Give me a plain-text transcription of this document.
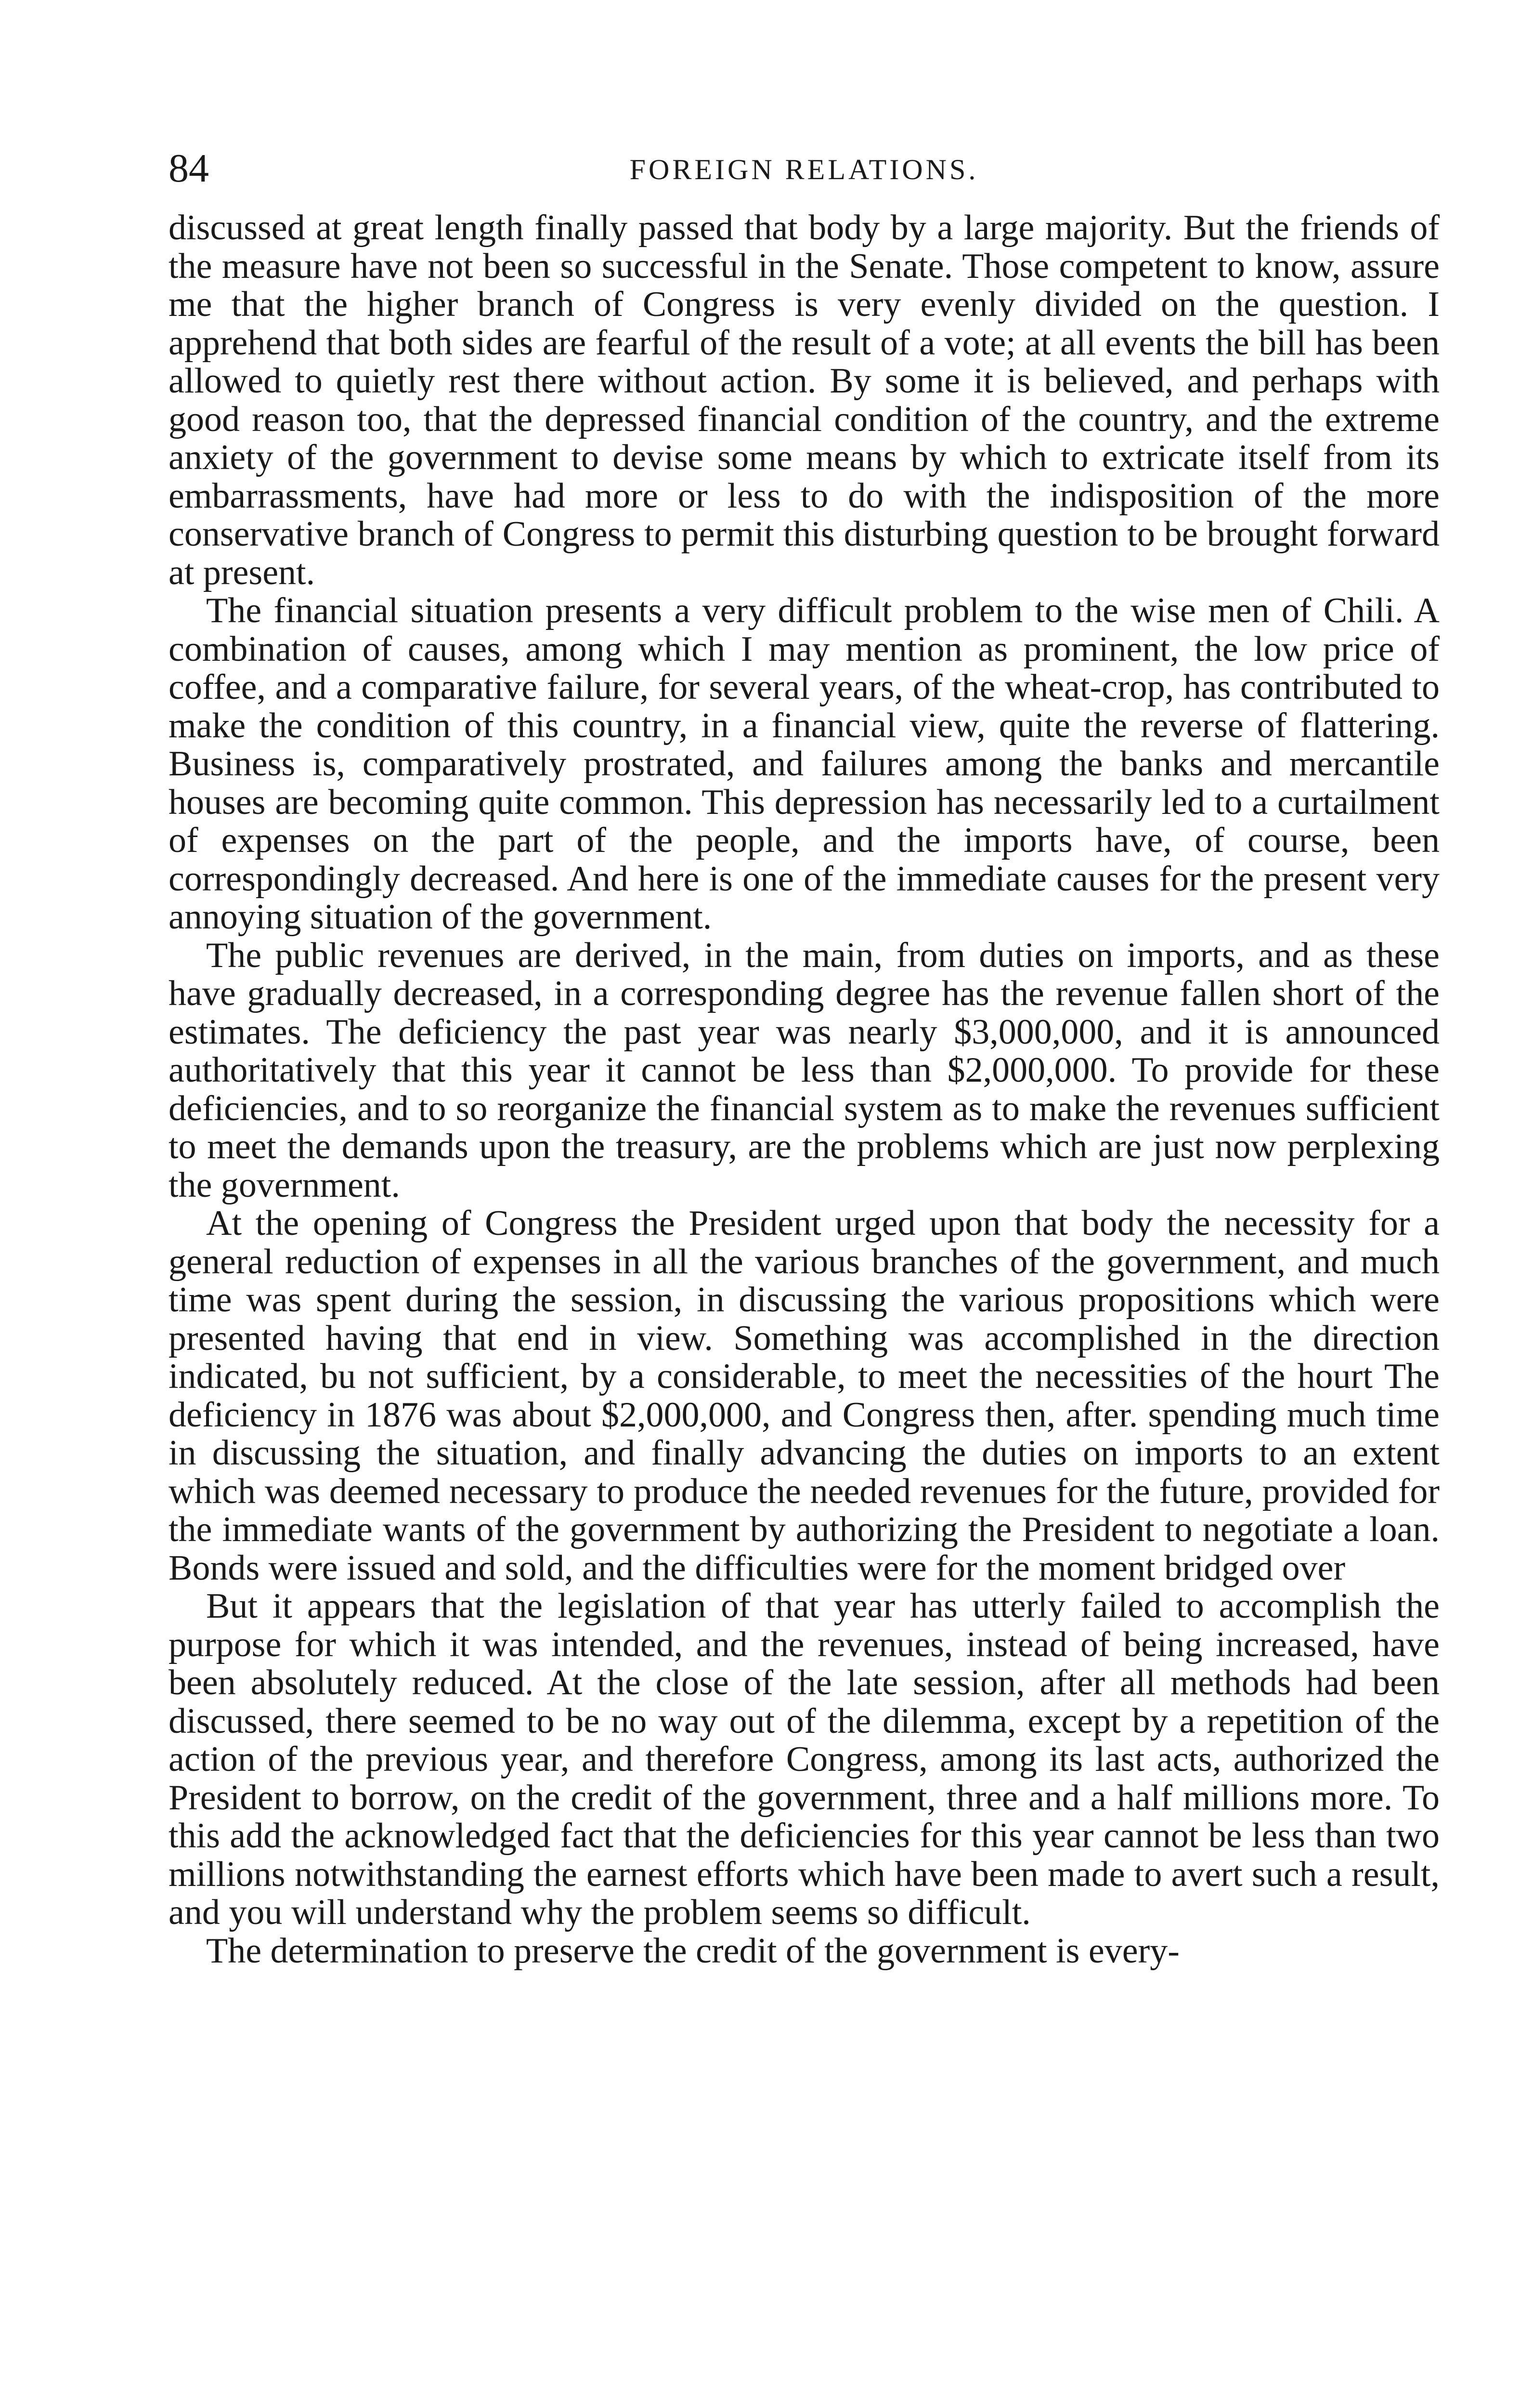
84	FOREIGN RELATIONS.

discussed at great length finally passed that body by a large majority. But the friends of the measure have not been so successful in the Senate. Those competent to know, assure me that the higher branch of Congress is very evenly divided on the question. I apprehend that both sides are fearful of the result of a vote; at all events the bill has been allowed to quietly rest there without action. By some it is believed, and perhaps with good reason too, that the depressed financial condition of the country, and the extreme anxiety of the government to devise some means by which to extricate itself from its embarrassments, have had more or less to do with the indisposition of the more conservative branch of Congress to permit this disturbing question to be brought forward at present.

The financial situation presents a very difficult problem to the wise men of Chili. A combination of causes, among which I may mention as prominent, the low price of coffee, and a comparative failure, for several years, of the wheat-crop, has contributed to make the condition of this country, in a financial view, quite the reverse of flattering. Business is, comparatively prostrated, and failures among the banks and mercantile houses are becoming quite common. This depression has necessarily led to a curtailment of expenses on the part of the people, and the imports have, of course, been correspondingly decreased. And here is one of the immediate causes for the present very annoying situation of the government.

The public revenues are derived, in the main, from duties on imports, and as these have gradually decreased, in a corresponding degree has the revenue fallen short of the estimates. The deficiency the past year was nearly $3,000,000, and it is announced authoritatively that this year it cannot be less than $2,000,000. To provide for these deficiencies, and to so reorganize the financial system as to make the revenues sufficient to meet the demands upon the treasury, are the problems which are just now perplexing the government.

At the opening of Congress the President urged upon that body the necessity for a general reduction of expenses in all the various branches of the government, and much time was spent during the session, in discussing the various propositions which were presented having that end in view. Something was accomplished in the direction indicated, bu not sufficient, by a considerable, to meet the necessities of the hourt The deficiency in 1876 was about $2,000,000, and Congress then, after. spending much time in discussing the situation, and finally advancing the duties on imports to an extent which was deemed necessary to produce the needed revenues for the future, provided for the immediate wants of the government by authorizing the President to negotiate a loan. Bonds were issued and sold, and the difficulties were for the moment bridged over

But it appears that the legislation of that year has utterly failed to accomplish the purpose for which it was intended, and the revenues, instead of being increased, have been absolutely reduced. At the close of the late session, after all methods had been discussed, there seemed to be no way out of the dilemma, except by a repetition of the action of the previous year, and therefore Congress, among its last acts, authorized the President to borrow, on the credit of the government, three and a half millions more. To this add the acknowledged fact that the deficiencies for this year cannot be less than two millions notwithstanding the earnest efforts which have been made to avert such a result, and you will understand why the problem seems so difficult.

The determination to preserve the credit of the government is every-
